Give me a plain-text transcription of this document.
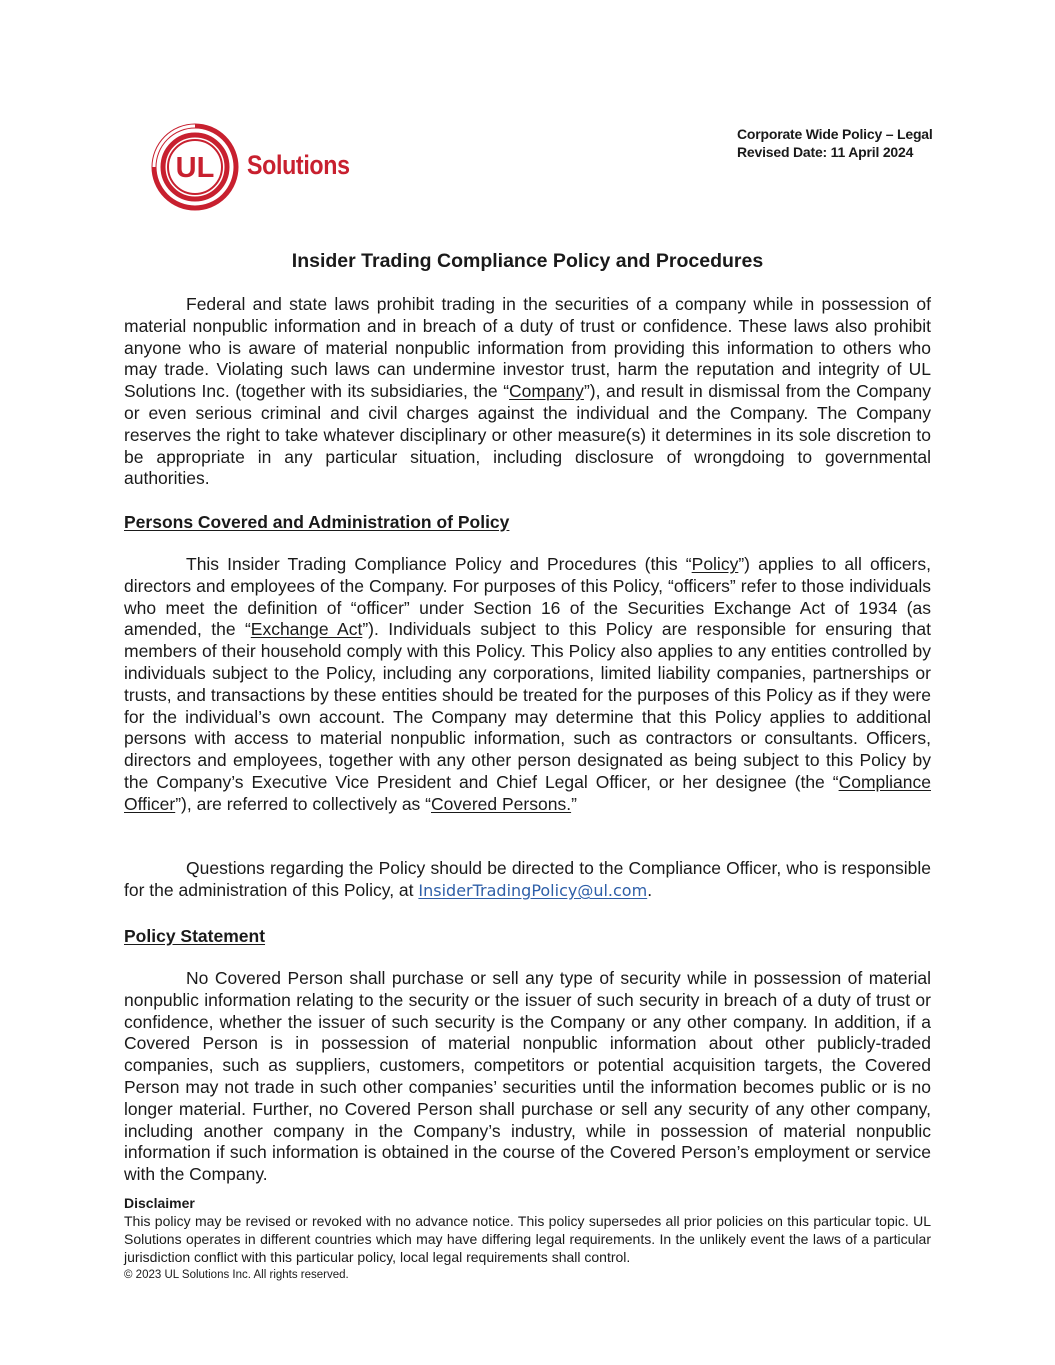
UL Solutions
Corporate Wide Policy – Legal
Revised Date: 11 April 2024
Insider Trading Compliance Policy and Procedures

Federal and state laws prohibit trading in the securities of a company while in possession of material nonpublic information and in breach of a duty of trust or confidence. These laws also prohibit anyone who is aware of material nonpublic information from providing this information to others who may trade. Violating such laws can undermine investor trust, harm the reputation and integrity of UL Solutions Inc. (together with its subsidiaries, the “Company”), and result in dismissal from the Company or even serious criminal and civil charges against the individual and the Company. The Company reserves the right to take whatever disciplinary or other measure(s) it determines in its sole discretion to be appropriate in any particular situation, including disclosure of wrongdoing to governmental authorities.

Persons Covered and Administration of Policy

This Insider Trading Compliance Policy and Procedures (this “Policy”) applies to all officers, directors and employees of the Company. For purposes of this Policy, “officers” refer to those individuals who meet the definition of “officer” under Section 16 of the Securities Exchange Act of 1934 (as amended, the “Exchange Act”). Individuals subject to this Policy are responsible for ensuring that members of their household comply with this Policy. This Policy also applies to any entities controlled by individuals subject to the Policy, including any corporations, limited liability companies, partnerships or trusts, and transactions by these entities should be treated for the purposes of this Policy as if they were for the individual’s own account. The Company may determine that this Policy applies to additional persons with access to material nonpublic information, such as contractors or consultants. Officers, directors and employees, together with any other person designated as being subject to this Policy by the Company’s Executive Vice President and Chief Legal Officer, or her designee (the “Compliance Officer”), are referred to collectively as “Covered Persons.”

Questions regarding the Policy should be directed to the Compliance Officer, who is responsible for the administration of this Policy, at InsiderTradingPolicy@ul.com.

Policy Statement

No Covered Person shall purchase or sell any type of security while in possession of material nonpublic information relating to the security or the issuer of such security in breach of a duty of trust or confidence, whether the issuer of such security is the Company or any other company. In addition, if a Covered Person is in possession of material nonpublic information about other publicly-traded companies, such as suppliers, customers, competitors or potential acquisition targets, the Covered Person may not trade in such other companies’ securities until the information becomes public or is no longer material. Further, no Covered Person shall purchase or sell any security of any other company, including another company in the Company’s industry, while in possession of material nonpublic information if such information is obtained in the course of the Covered Person’s employment or service with the Company.

Disclaimer

This policy may be revised or revoked with no advance notice. This policy supersedes all prior policies on this particular topic. UL Solutions operates in different countries which may have differing legal requirements. In the unlikely event the laws of a particular jurisdiction conflict with this particular policy, local legal requirements shall control.

© 2023 UL Solutions Inc. All rights reserved.
